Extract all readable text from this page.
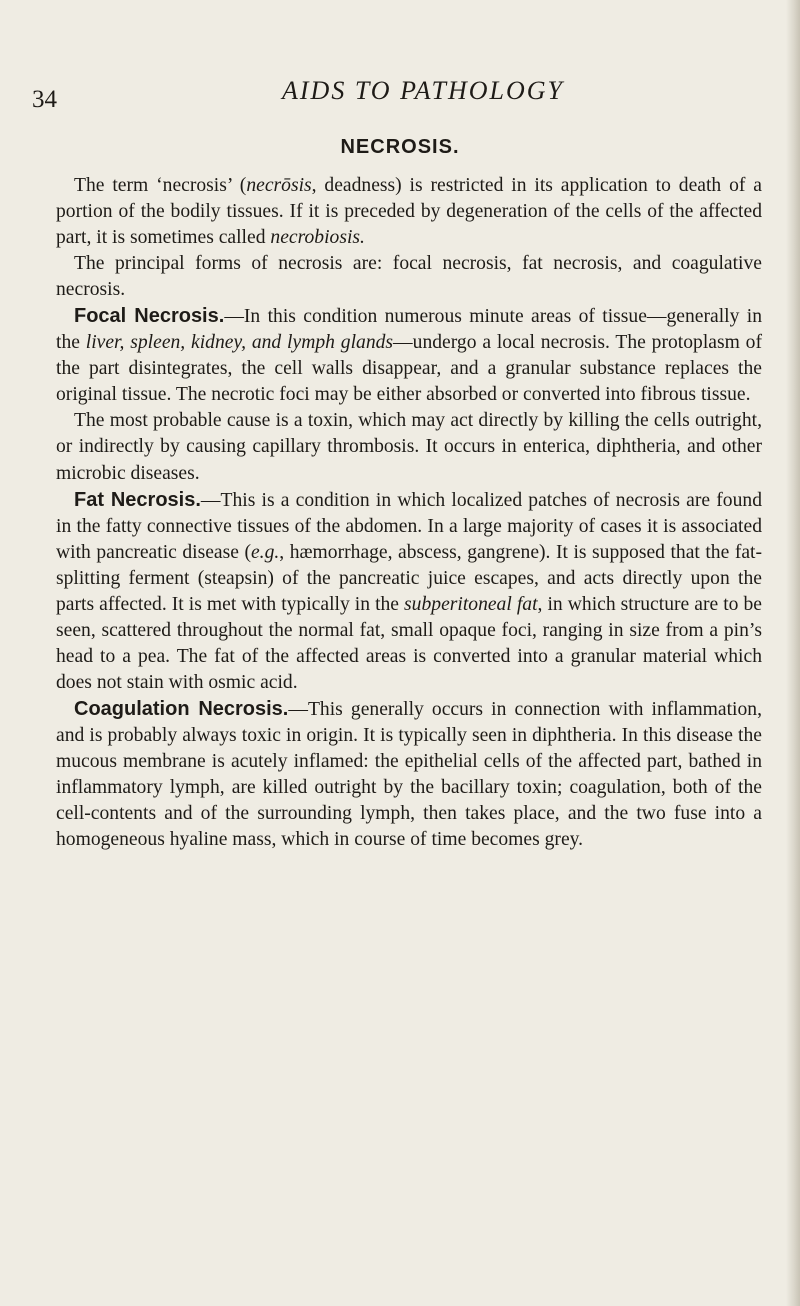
34	AIDS TO PATHOLOGY
NECROSIS.

The term ‘necrosis’ (necrōsis, deadness) is restricted in its application to death of a portion of the bodily tissues. If it is preceded by degeneration of the cells of the affected part, it is sometimes called necrobiosis.

The principal forms of necrosis are: focal necrosis, fat necrosis, and coagulative necrosis.

Focal Necrosis.—In this condition numerous minute areas of tissue—generally in the liver, spleen, kidney, and lymph glands—undergo a local necrosis. The protoplasm of the part disintegrates, the cell walls disappear, and a granular substance replaces the original tissue. The necrotic foci may be either absorbed or converted into fibrous tissue.

The most probable cause is a toxin, which may act directly by killing the cells outright, or indirectly by causing capillary thrombosis. It occurs in enterica, diphtheria, and other microbic diseases.

Fat Necrosis.—This is a condition in which localized patches of necrosis are found in the fatty connective tissues of the abdomen. In a large majority of cases it is associated with pancreatic disease (e.g., hæmorrhage, abscess, gangrene). It is supposed that the fat-splitting ferment (steapsin) of the pancreatic juice escapes, and acts directly upon the parts affected. It is met with typically in the subperitoneal fat, in which structure are to be seen, scattered throughout the normal fat, small opaque foci, ranging in size from a pin’s head to a pea. The fat of the affected areas is converted into a granular material which does not stain with osmic acid.

Coagulation Necrosis.—This generally occurs in connection with inflammation, and is probably always toxic in origin. It is typically seen in diphtheria. In this disease the mucous membrane is acutely inflamed: the epithelial cells of the affected part, bathed in inflammatory lymph, are killed outright by the bacillary toxin; coagulation, both of the cell-contents and of the surrounding lymph, then takes place, and the two fuse into a homogeneous hyaline mass, which in course of time becomes grey.
